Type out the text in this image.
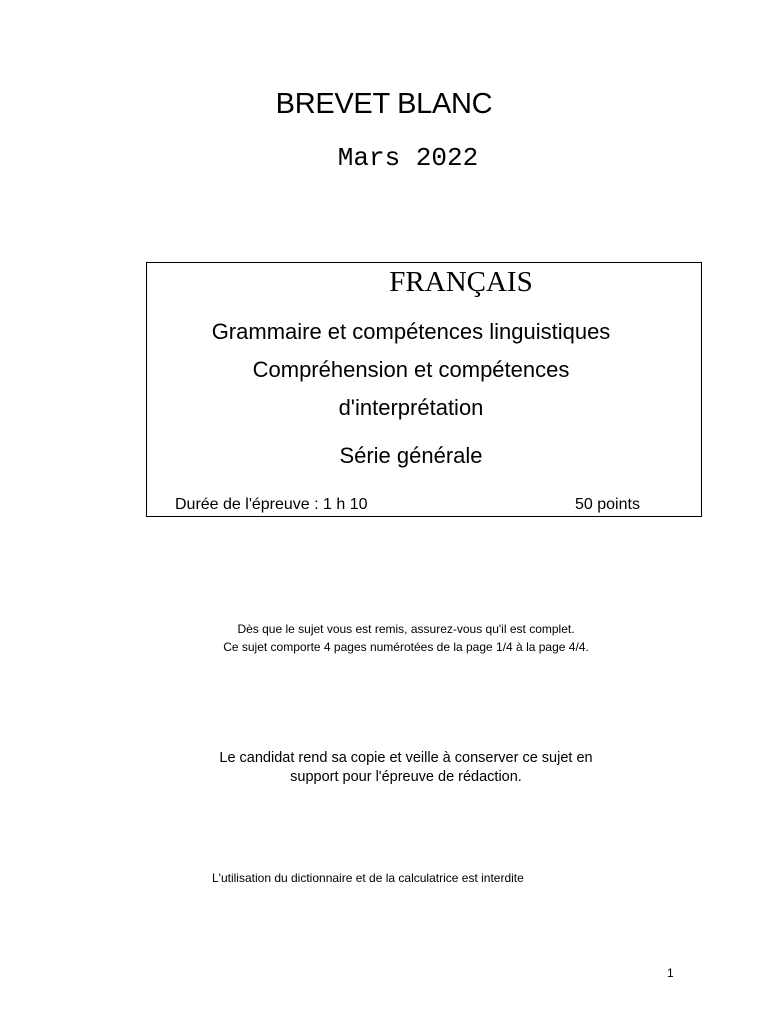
BREVET BLANC
Mars 2022
FRANÇAIS
Grammaire et compétences linguistiques
Compréhension et compétences
d'interprétation
Série générale
Durée de l'épreuve : 1 h 10	50 points
Dès que le sujet vous est remis, assurez-vous qu'il est complet.
Ce sujet comporte 4 pages numérotées de la page 1/4 à la page 4/4.
Le candidat rend sa copie et veille à conserver ce sujet en
support pour l'épreuve de rédaction.
L'utilisation du dictionnaire et de la calculatrice est interdite
1
